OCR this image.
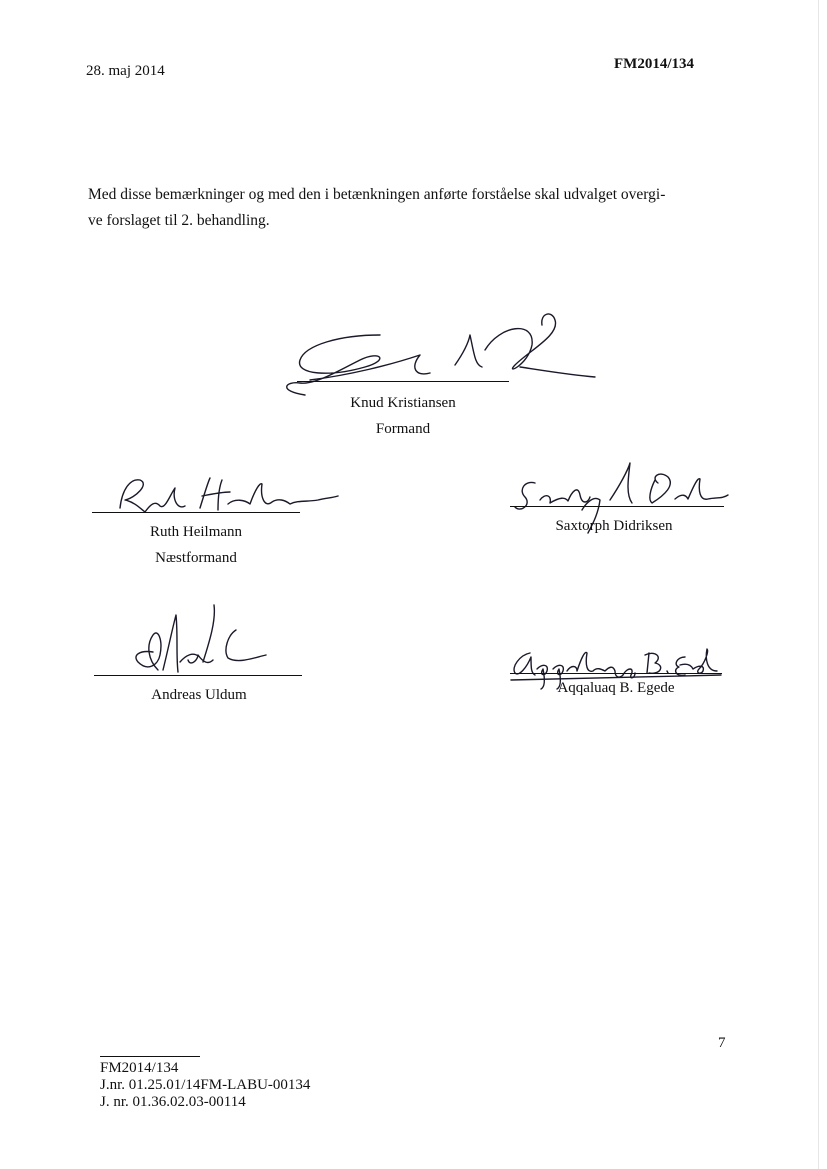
28. maj 2014	FM2014/134
Med disse bemærkninger og med den i betænkningen anførte forståelse skal udvalget overgi-
ve forslaget til 2. behandling.
Knud Kristiansen
Formand
Ruth Heilmann
Næstformand
Saxtorph Didriksen
Andreas Uldum	Aqqaluaq B. Egede
7
FM2014/134
J.nr. 01.25.01/14FM-LABU-00134
J. nr. 01.36.02.03-00114
